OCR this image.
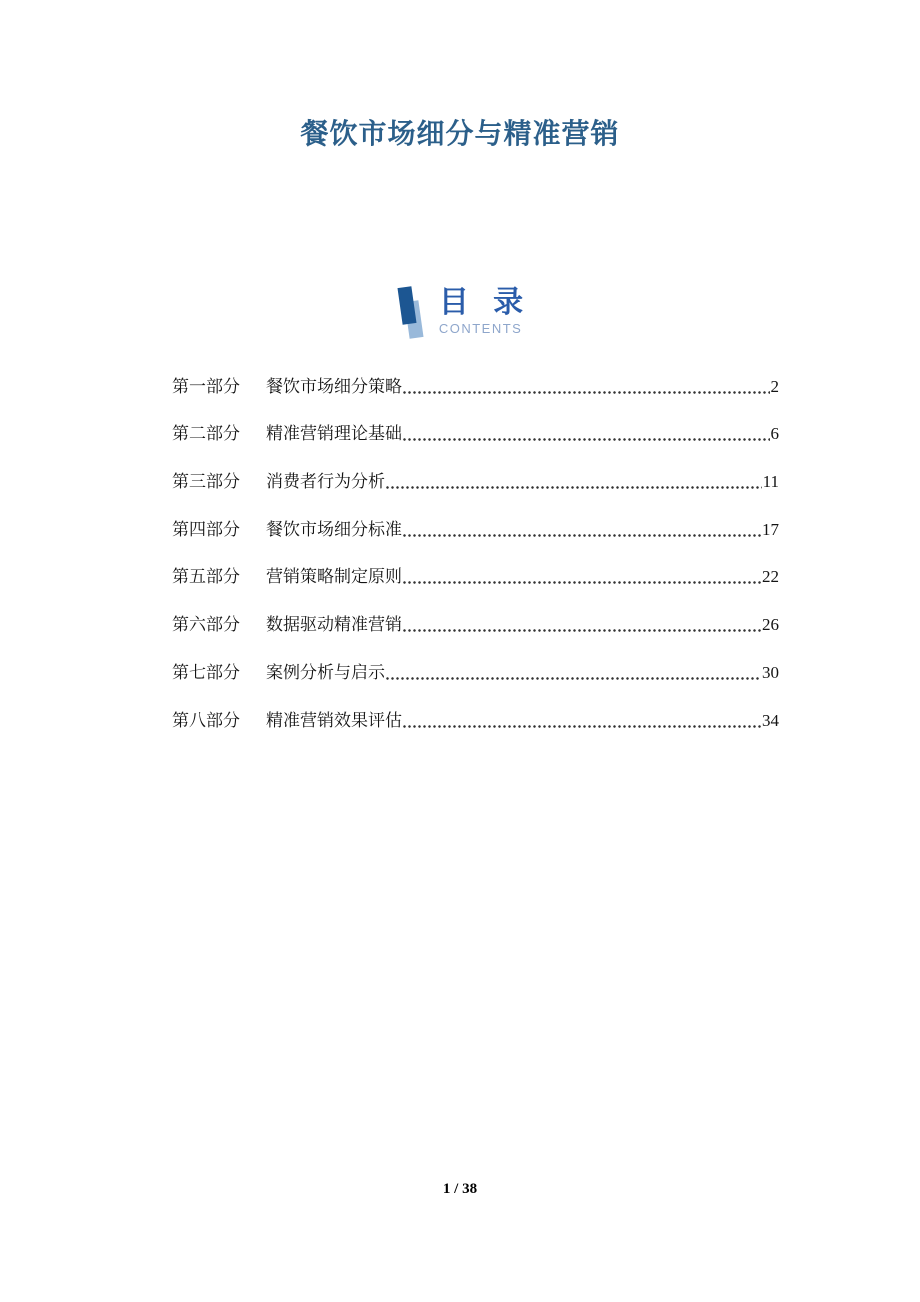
餐饮市场细分与精准营销
目 录
CONTENTS
第一部分 餐饮市场细分策略	2
第二部分 精准营销理论基础	6
第三部分 消费者行为分析	11
第四部分 餐饮市场细分标准	17
第五部分 营销策略制定原则	22
第六部分 数据驱动精准营销	26
第七部分 案例分析与启示	30
第八部分 精准营销效果评估	34
1 / 38
